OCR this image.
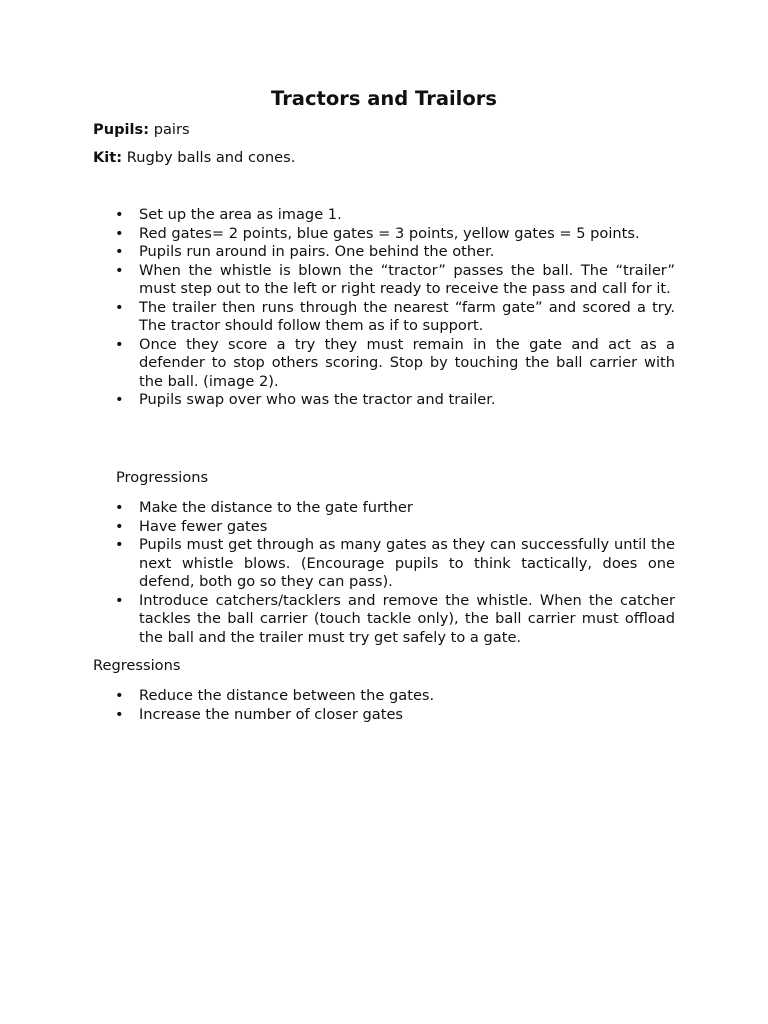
Tractors and Trailors
Pupils: pairs
Kit: Rugby balls and cones.
• Set up the area as image 1.
• Red gates= 2 points, blue gates = 3 points, yellow gates = 5 points.
• Pupils run around in pairs. One behind the other.
• When the whistle is blown the “tractor” passes the ball. The “trailer” must step out to the left or right ready to receive the pass and call for it.
• The trailer then runs through the nearest “farm gate” and scored a try. The tractor should follow them as if to support.
• Once they score a try they must remain in the gate and act as a defender to stop others scoring. Stop by touching the ball carrier with the ball. (image 2).
• Pupils swap over who was the tractor and trailer.
Progressions
• Make the distance to the gate further
• Have fewer gates
• Pupils must get through as many gates as they can successfully until the next whistle blows. (Encourage pupils to think tactically, does one defend, both go so they can pass).
• Introduce catchers/tacklers and remove the whistle. When the catcher tackles the ball carrier (touch tackle only), the ball carrier must offload the ball and the trailer must try get safely to a gate.
Regressions
• Reduce the distance between the gates.
• Increase the number of closer gates
